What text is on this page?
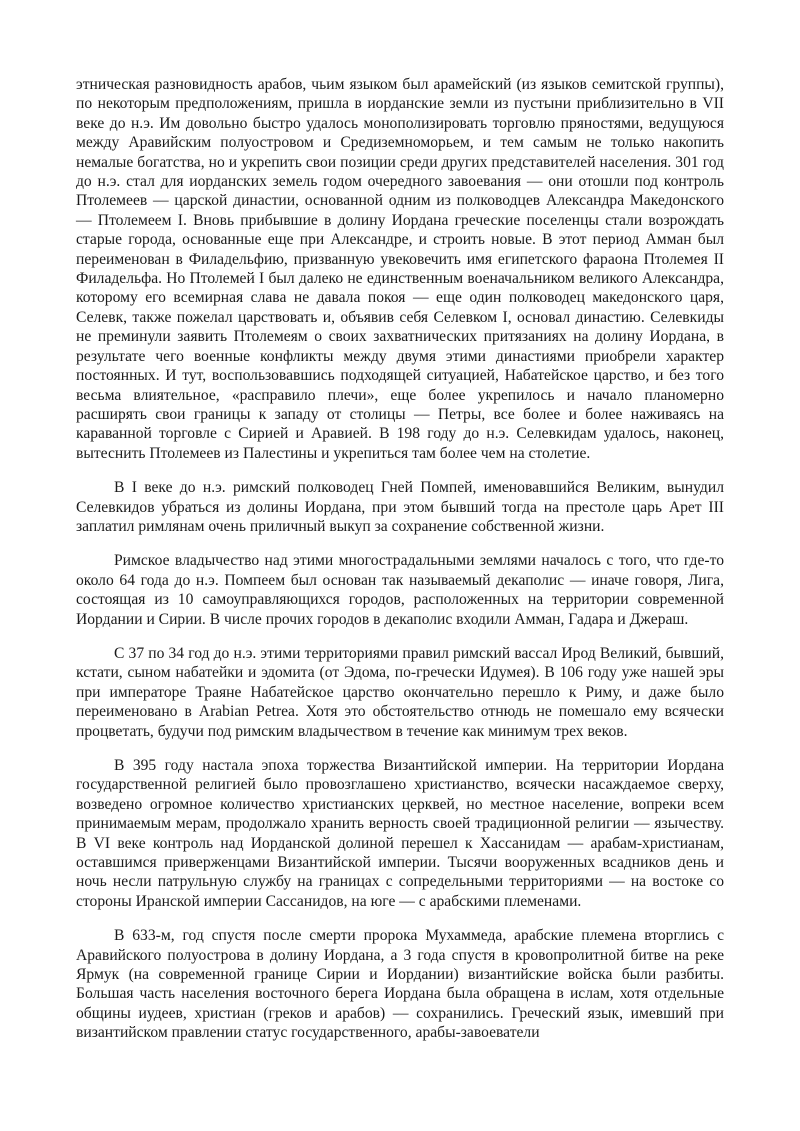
этническая разновидность арабов, чьим языком был арамейский (из языков семитской группы), по некоторым предположениям, пришла в иорданские земли из пустыни приблизительно в VII веке до н.э. Им довольно быстро удалось монополизировать торговлю пряностями, ведущуюся между Аравийским полуостровом и Средиземноморьем, и тем самым не только накопить немалые богатства, но и укрепить свои позиции среди других представителей населения. 301 год до н.э. стал для иорданских земель годом очередного завоевания — они отошли под контроль Птолемеев — царской династии, основанной одним из полководцев Александра Македонского — Птолемеем I. Вновь прибывшие в долину Иордана греческие поселенцы стали возрождать старые города, основанные еще при Александре, и строить новые. В этот период Амман был переименован в Филадельфию, призванную увековечить имя египетского фараона Птолемея II Филадельфа. Но Птолемей I был далеко не единственным военачальником великого Александра, которому его всемирная слава не давала покоя — еще один полководец македонского царя, Селевк, также пожелал царствовать и, объявив себя Селевком I, основал династию. Селевкиды не преминули заявить Птолемеям о своих захватнических притязаниях на долину Иордана, в результате чего военные конфликты между двумя этими династиями приобрели характер постоянных. И тут, воспользовавшись подходящей ситуацией, Набатейское царство, и без того весьма влиятельное, «расправило плечи», еще более укрепилось и начало планомерно расширять свои границы к западу от столицы — Петры, все более и более наживаясь на караванной торговле с Сирией и Аравией. В 198 году до н.э. Селевкидам удалось, наконец, вытеснить Птолемеев из Палестины и укрепиться там более чем на столетие.

В I веке до н.э. римский полководец Гней Помпей, именовавшийся Великим, вынудил Селевкидов убраться из долины Иордана, при этом бывший тогда на престоле царь Арет III заплатил римлянам очень приличный выкуп за сохранение собственной жизни.

Римское владычество над этими многострадальными землями началось с того, что где-то около 64 года до н.э. Помпеем был основан так называемый декаполис — иначе говоря, Лига, состоящая из 10 самоуправляющихся городов, расположенных на территории современной Иордании и Сирии. В числе прочих городов в декаполис входили Амман, Гадара и Джераш.

С 37 по 34 год до н.э. этими территориями правил римский вассал Ирод Великий, бывший, кстати, сыном набатейки и эдомита (от Эдома, по-гречески Идумея). В 106 году уже нашей эры при императоре Траяне Набатейское царство окончательно перешло к Риму, и даже было переименовано в Arabian Petrea. Хотя это обстоятельство отнюдь не помешало ему всячески процветать, будучи под римским владычеством в течение как минимум трех веков.

В 395 году настала эпоха торжества Византийской империи. На территории Иордана государственной религией было провозглашено христианство, всячески насаждаемое сверху, возведено огромное количество христианских церквей, но местное население, вопреки всем принимаемым мерам, продолжало хранить верность своей традиционной религии — язычеству. В VI веке контроль над Иорданской долиной перешел к Хассанидам — арабам-христианам, оставшимся приверженцами Византийской империи. Тысячи вооруженных всадников день и ночь несли патрульную службу на границах с сопредельными территориями — на востоке со стороны Иранской империи Сассанидов, на юге — с арабскими племенами.

В 633-м, год спустя после смерти пророка Мухаммеда, арабские племена вторглись с Аравийского полуострова в долину Иордана, а 3 года спустя в кровопролитной битве на реке Ярмук (на современной границе Сирии и Иордании) византийские войска были разбиты. Большая часть населения восточного берега Иордана была обращена в ислам, хотя отдельные общины иудеев, христиан (греков и арабов) — сохранились. Греческий язык, имевший при византийском правлении статус государственного, арабы-завоеватели
